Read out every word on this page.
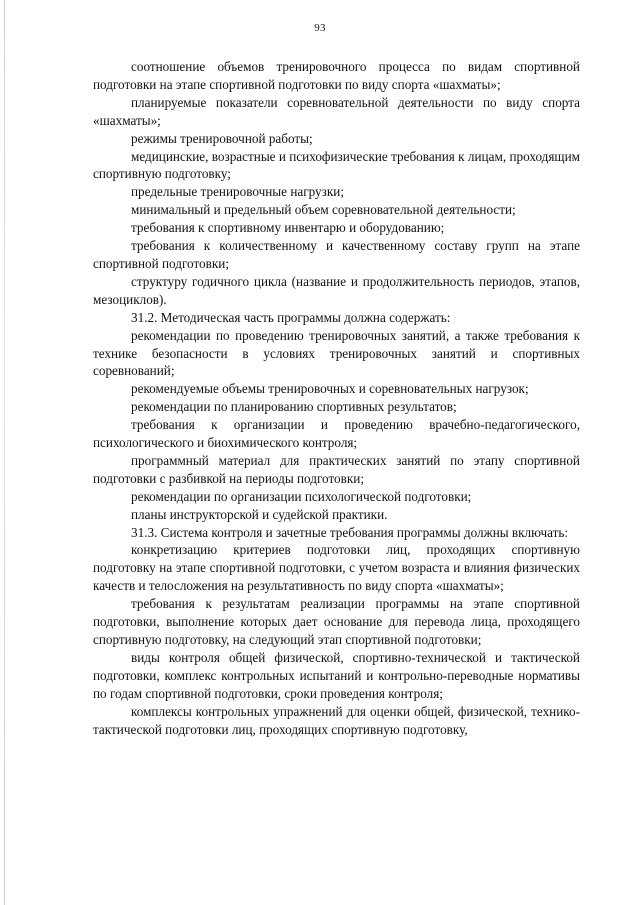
93

соотношение объемов тренировочного процесса по видам спортивной подготовки на этапе спортивной подготовки по виду спорта «шахматы»;

планируемые показатели соревновательной деятельности по виду спорта «шахматы»;

режимы тренировочной работы;

медицинские, возрастные и психофизические требования к лицам, проходящим спортивную подготовку;

предельные тренировочные нагрузки;

минимальный и предельный объем соревновательной деятельности;

требования к спортивному инвентарю и оборудованию;

требования к количественному и качественному составу групп на этапе спортивной подготовки;

структуру годичного цикла (название и продолжительность периодов, этапов, мезоциклов).

31.2. Методическая часть программы должна содержать:

рекомендации по проведению тренировочных занятий, а также требования к технике безопасности в условиях тренировочных занятий и спортивных соревнований;

рекомендуемые объемы тренировочных и соревновательных нагрузок;

рекомендации по планированию спортивных результатов;

требования к организации и проведению врачебно-педагогического, психологического и биохимического контроля;

программный материал для практических занятий по этапу спортивной подготовки с разбивкой на периоды подготовки;

рекомендации по организации психологической подготовки;

планы инструкторской и судейской практики.

31.3. Система контроля и зачетные требования программы должны включать:

конкретизацию критериев подготовки лиц, проходящих спортивную подготовку на этапе спортивной подготовки, с учетом возраста и влияния физических качеств и телосложения на результативность по виду спорта «шахматы»;

требования к результатам реализации программы на этапе спортивной подготовки, выполнение которых дает основание для перевода лица, проходящего спортивную подготовку, на следующий этап спортивной подготовки;

виды контроля общей физической, спортивно-технической и тактической подготовки, комплекс контрольных испытаний и контрольно-переводные нормативы по годам спортивной подготовки, сроки проведения контроля;

комплексы контрольных упражнений для оценки общей, физической, технико-тактической подготовки лиц, проходящих спортивную подготовку,
